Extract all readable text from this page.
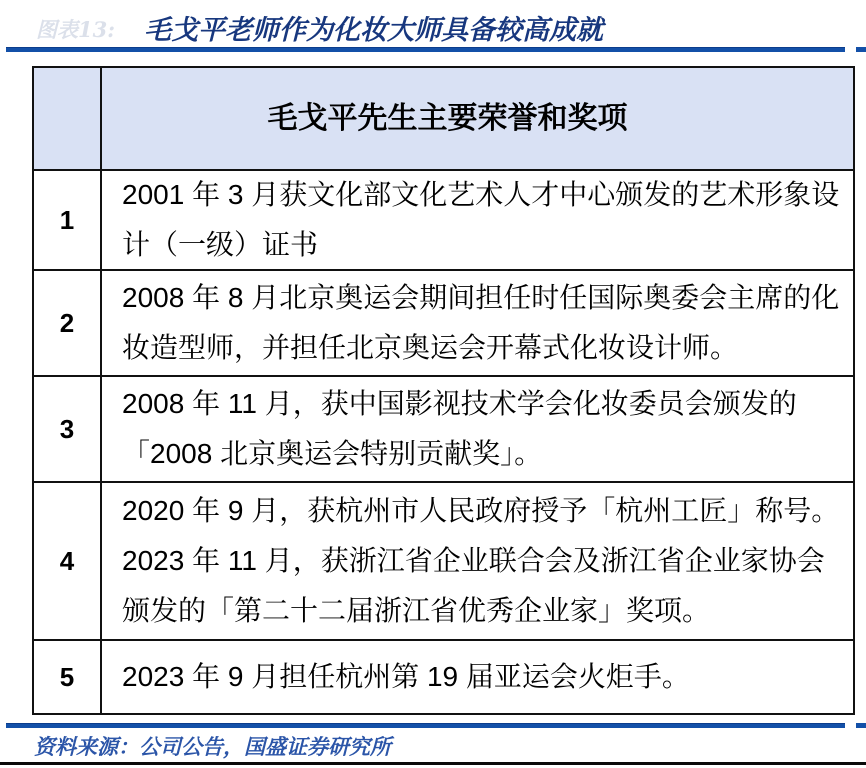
图表13: 毛戈平老师作为化妆大师具备较高成就
毛戈平先生主要荣誉和奖项
1
2001 年 3 月获文化部文化艺术人才中心颁发的艺术形象设计（一级）证书
2
2008 年 8 月北京奥运会期间担任时任国际奥委会主席的化妆造型师，并担任北京奥运会开幕式化妆设计师。
3
2008 年 11 月，获中国影视技术学会化妆委员会颁发的「2008 北京奥运会特别贡献奖」。
4
2020 年 9 月，获杭州市人民政府授予「杭州工匠」称号。2023 年 11 月，获浙江省企业联合会及浙江省企业家协会颁发的「第二十二届浙江省优秀企业家」奖项。
5	2023 年 9 月担任杭州第 19 届亚运会火炬手。
资料来源：公司公告，国盛证券研究所
